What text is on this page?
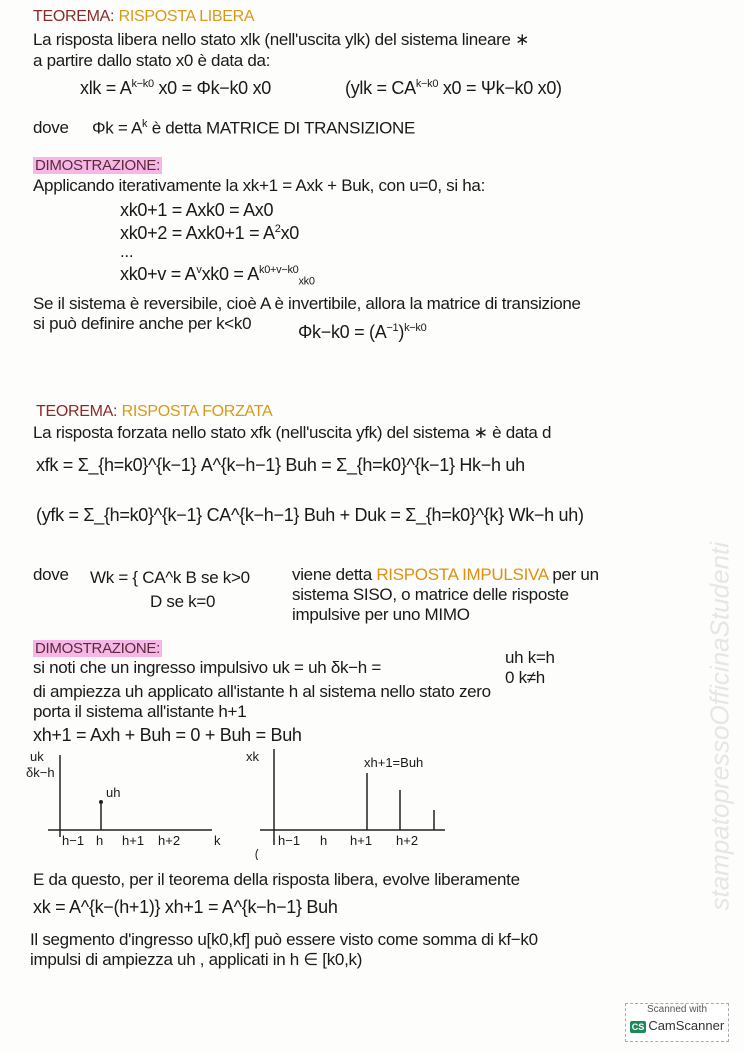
TEOREMA: RISPOSTA LIBERA
La risposta libera nello stato xlk (nell'uscita ylk) del sistema lineare ∗
a partire dallo stato x0 è data da:
xlk = $A^{k-k0}$ x0 = Φk−k0 x0	($ylk = CA^{k-k0}$ x0 = Ψk−k0 x0)
dove $\Phi k = A^k$ è detta MATRICE DI TRANSIZIONE
DIMOSTRAZIONE:
Applicando iterativamente la xk+1 = Axk + Buk, con u=0, si ha:
xk0+1 = Axk0 = Ax0
$xk0+2 = Axk0+1 = A^2x0$
...
$xk0+v = A^vxk0 = A^{k0+v-k0}_{xk0}$
Se il sistema è reversibile, cioè A è invertibile, allora la matrice di transizione
si può definire anche per k<k0	$\Phi k-k0 = (A^{-1})^{k-k0}$
TEOREMA: RISPOSTA FORZATA
La risposta forzata nello stato xfk (nell'uscita yfk) del sistema ∗ è data d
xfk = Σ_{h=k0}^{k−1} A^{k−h−1} Buh = Σ_{h=k0}^{k−1} Hk−h uh
(yfk = Σ_{h=k0}^{k−1} CA^{k−h−1} Buh + Duk = Σ_{h=k0}^{k} Wk−h uh)
dove Wk = { CA^k B se k>0
D se k=0
viene detta RISPOSTA IMPULSIVA per un
sistema SISO, o matrice delle risposte
impulsive per uno MIMO
DIMOSTRAZIONE:
si noti che un ingresso impulsivo uk = uh δk−h =
uh k=h
0 k≠h
di ampiezza uh applicato all'istante h al sistema nello stato zero
porta il sistema all'istante h+1
xh+1 = Axh + Buh = 0 + Buh = Buh
uk
δk−h
uh
k
h−1 h h+1 h+2
xk	xh+1=Buh
h−1 h h+1 h+2
E da questo, per il teorema della risposta libera, evolve liberamente
xk = A^{k−(h+1)} xh+1 = A^{k−h−1} Buh
Il segmento d'ingresso u[k0,kf] può essere visto come somma di kf−k0
impulsi di ampiezza uh , applicati in h ∈ [k0,k)
stampatopressoOfficinaStudenti
Scanned with
CS CamScanner
